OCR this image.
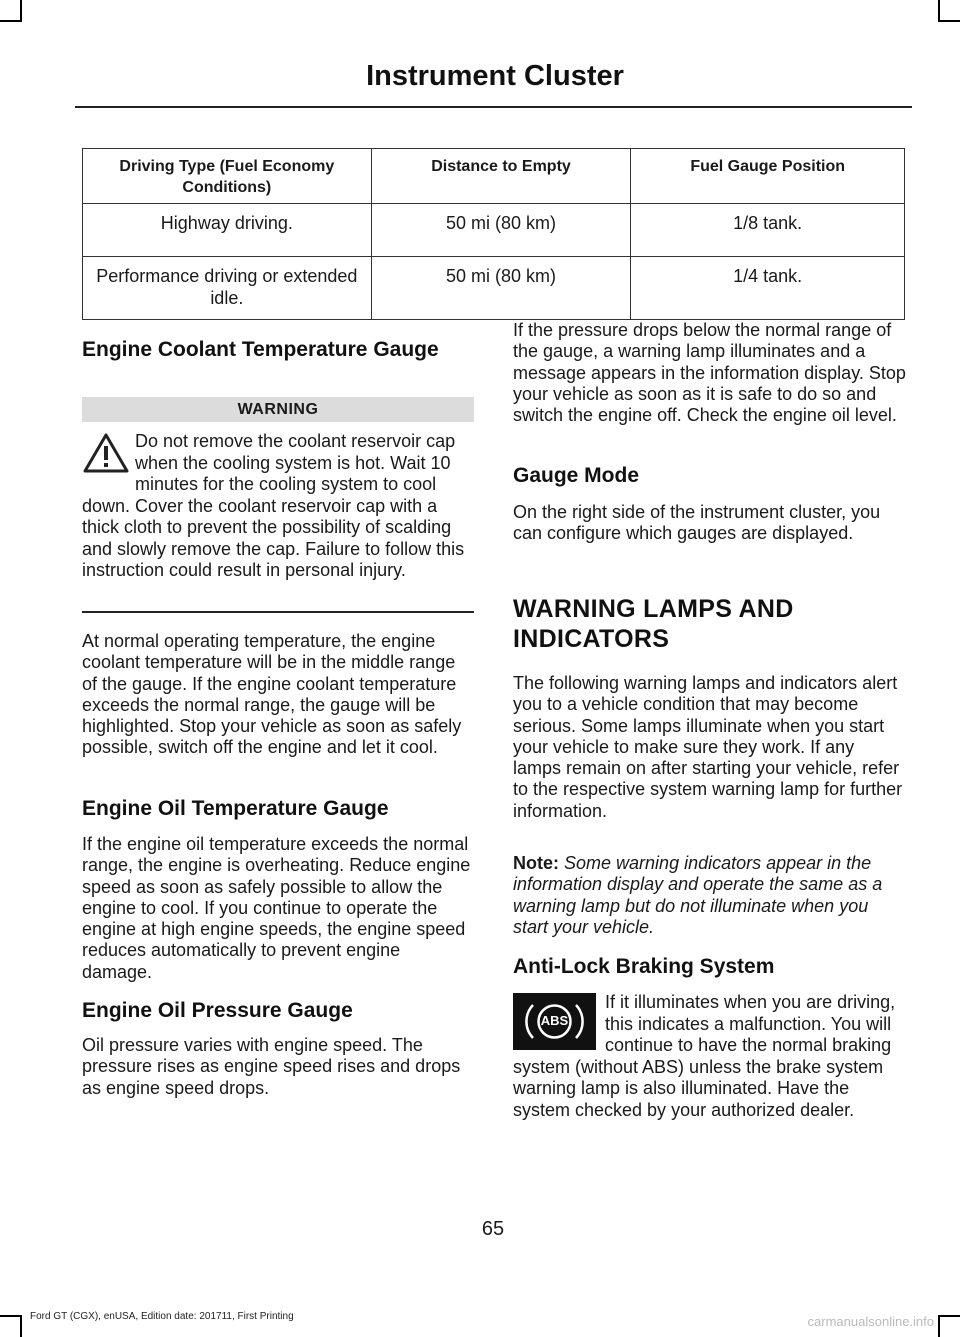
Instrument Cluster
Driving Type (Fuel Economy Conditions)	Distance to Empty	Fuel Gauge Position
Highway driving.	50 mi (80 km)	1/8 tank.
Performance driving or extended idle.	50 mi (80 km)	1/4 tank.
Engine Coolant Temperature Gauge
WARNING
Do not remove the coolant reservoir cap when the cooling system is hot. Wait 10 minutes for the cooling system to cool down. Cover the coolant reservoir cap with a thick cloth to prevent the possibility of scalding and slowly remove the cap. Failure to follow this instruction could result in personal injury.

At normal operating temperature, the engine coolant temperature will be in the middle range of the gauge. If the engine coolant temperature exceeds the normal range, the gauge will be highlighted. Stop your vehicle as soon as safely possible, switch off the engine and let it cool.

Engine Oil Temperature Gauge

If the engine oil temperature exceeds the normal range, the engine is overheating. Reduce engine speed as soon as safely possible to allow the engine to cool. If you continue to operate the engine at high engine speeds, the engine speed reduces automatically to prevent engine damage.

Engine Oil Pressure Gauge

Oil pressure varies with engine speed. The pressure rises as engine speed rises and drops as engine speed drops.

If the pressure drops below the normal range of the gauge, a warning lamp illuminates and a message appears in the information display. Stop your vehicle as soon as it is safe to do so and switch the engine off. Check the engine oil level.

Gauge Mode

On the right side of the instrument cluster, you can configure which gauges are displayed.

WARNING LAMPS AND
INDICATORS

The following warning lamps and indicators alert you to a vehicle condition that may become serious. Some lamps illuminate when you start your vehicle to make sure they work. If any lamps remain on after starting your vehicle, refer to the respective system warning lamp for further information.

Note: Some warning indicators appear in the information display and operate the same as a warning lamp but do not illuminate when you start your vehicle.

Anti-Lock Braking System
ABS
If it illuminates when you are driving, this indicates a malfunction. You will continue to have the normal braking system (without ABS) unless the brake system warning lamp is also illuminated. Have the system checked by your authorized dealer.
65
Ford GT (CGX), enUSA, Edition date: 201711, First Printing	carmanualsonline.info
